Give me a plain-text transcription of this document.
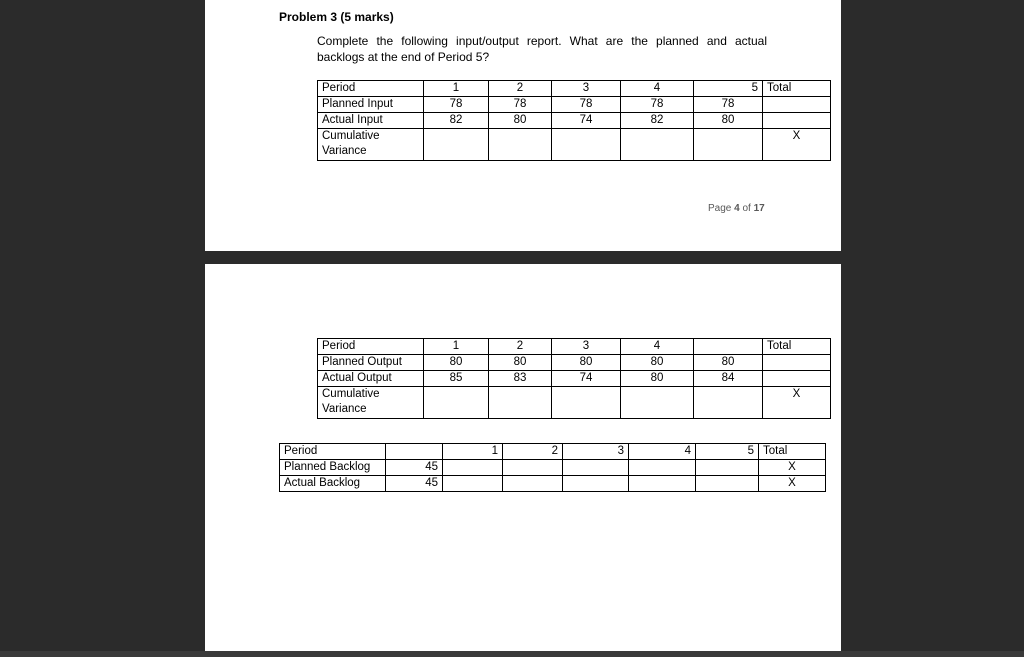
Problem 3 (5 marks)
Complete the following input/output report. What are the planned and actual backlogs at the end of Period 5?
Period	1	2	3	4	5	Total
Planned Input	78	78	78	78	78	
Actual Input	82	80	74	82	80	

Cumulative
Variance						X
Page 4 of 17
Period	1	2	3	4		Total
Planned Output	80	80	80	80	80	
Actual Output	85	83	74	80	84	

Cumulative
Variance						X
Period		1	2	3	4	5	Total
Planned Backlog	45						X
Actual Backlog	45						X
